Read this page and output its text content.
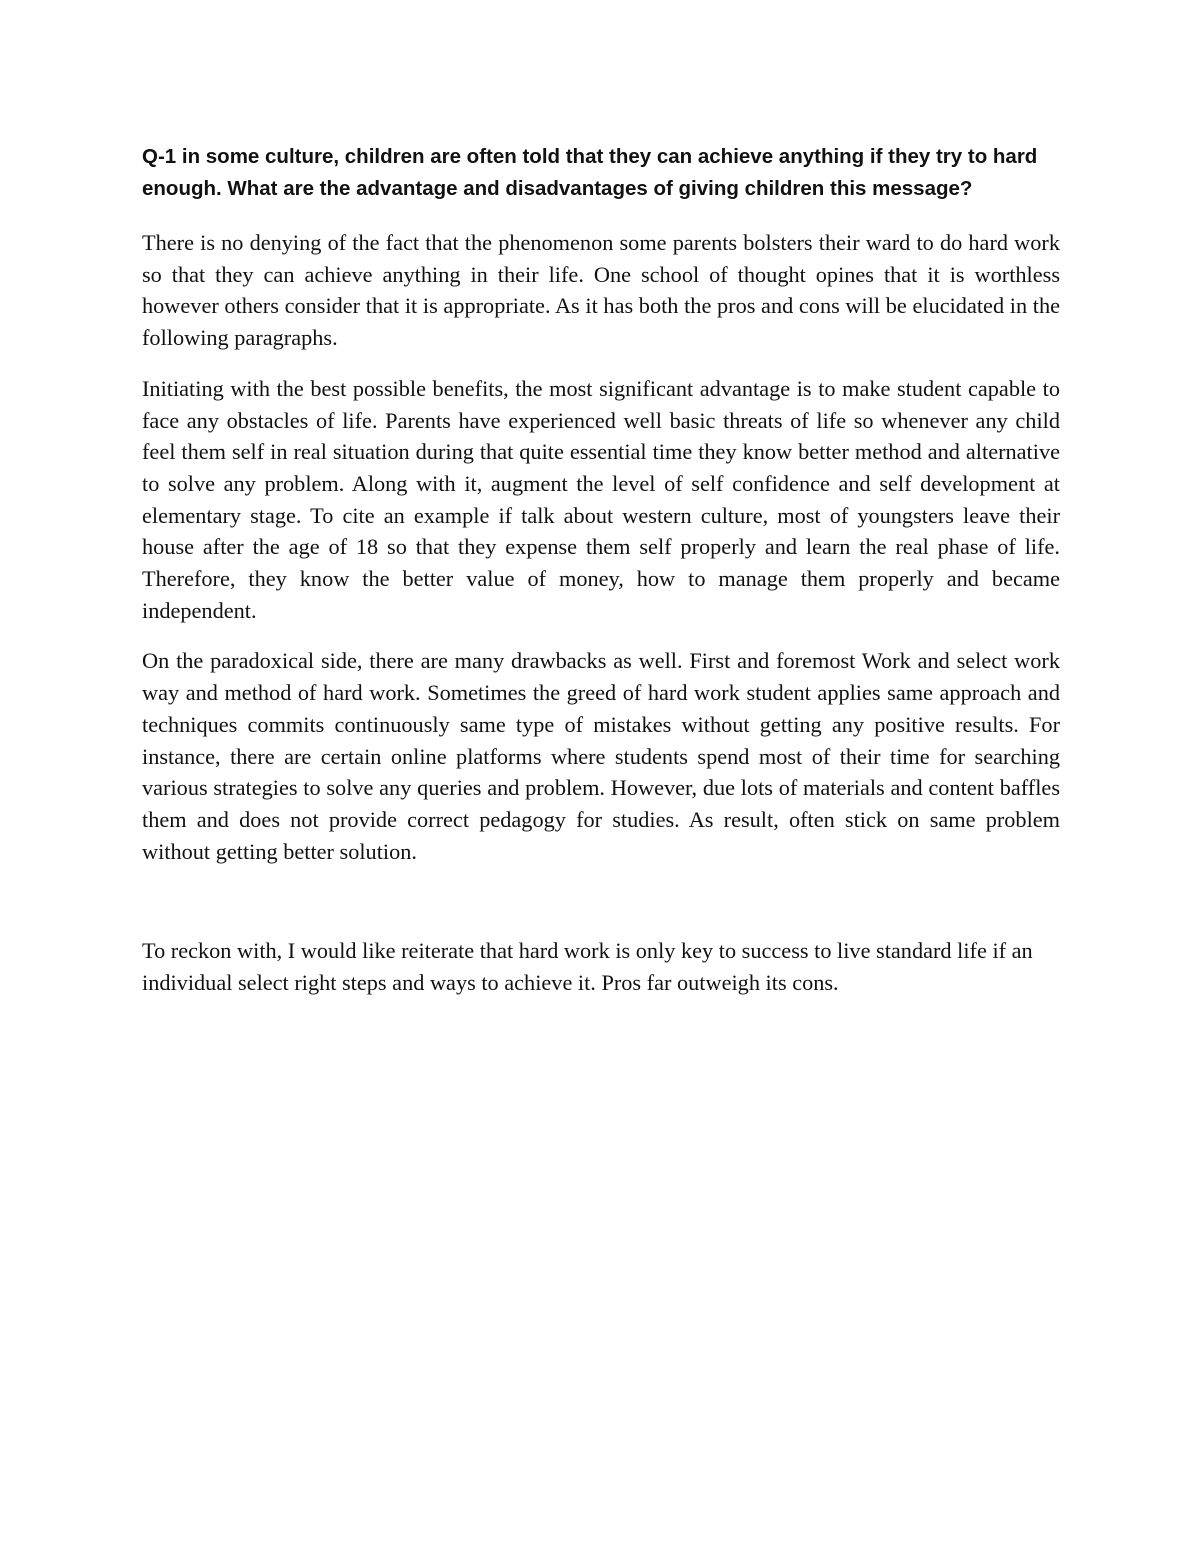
Q-1 in some culture, children are often told that they can achieve anything if they try to hard enough. What are the advantage and disadvantages of giving children this message?

There is no denying of the fact that the phenomenon some parents bolsters their ward to do hard work so that they can achieve anything in their life. One school of thought opines that it is worthless however others consider that it is appropriate. As it has both the pros and cons will be elucidated in the following paragraphs.

Initiating with the best possible benefits, the most significant advantage is to make student capable to face any obstacles of life. Parents have experienced well basic threats of life so whenever any child feel them self in real situation during that quite essential time they know better method and alternative to solve any problem. Along with it, augment the level of self confidence and self development at elementary stage. To cite an example if talk about western culture, most of youngsters leave their house after the age of 18 so that they expense them self properly and learn the real phase of life. Therefore, they know the better value of money, how to manage them properly and became independent.

On the paradoxical side, there are many drawbacks as well. First and foremost Work and select work way and method of hard work. Sometimes the greed of hard work student applies same approach and techniques commits continuously same type of mistakes without getting any positive results. For instance, there are certain online platforms where students spend most of their time for searching various strategies to solve any queries and problem. However, due lots of materials and content baffles them and does not provide correct pedagogy for studies. As result, often stick on same problem without getting better solution.

To reckon with, I would like reiterate that hard work is only key to success to live standard life if an individual select right steps and ways to achieve it. Pros far outweigh its cons.
